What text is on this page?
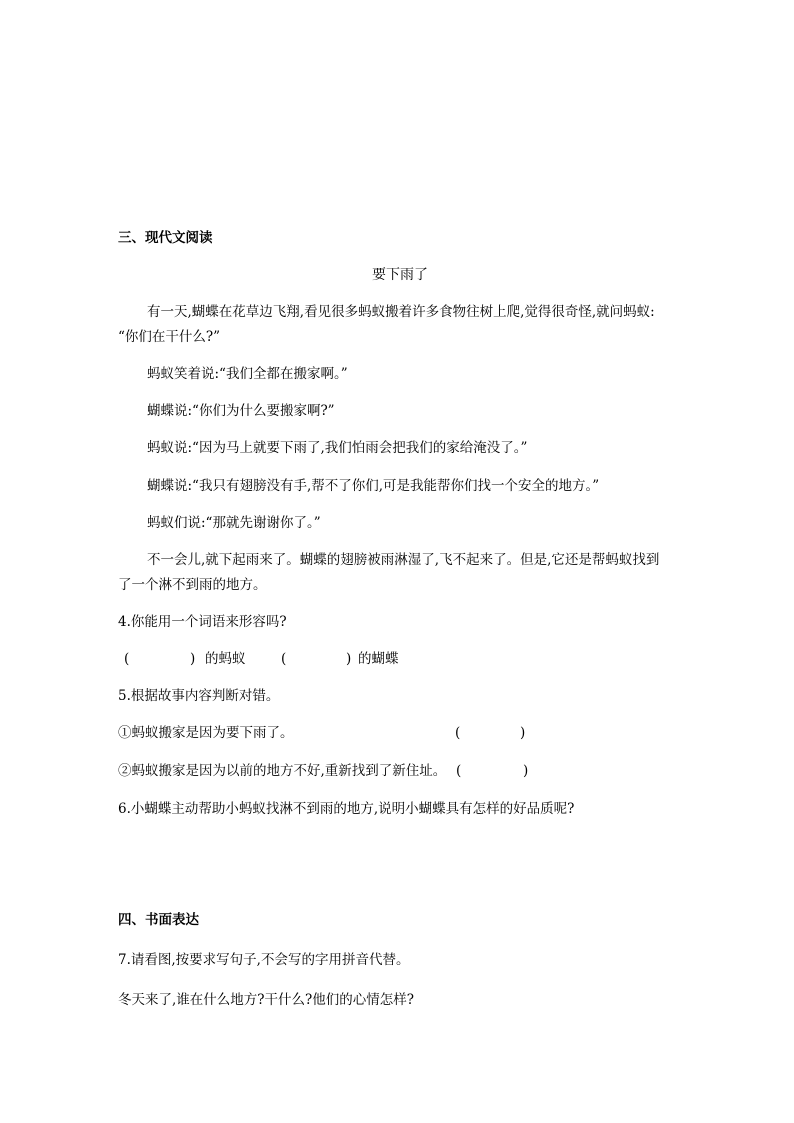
三、现代文阅读
要下雨了
有一天,蝴蝶在花草边飞翔,看见很多蚂蚁搬着许多食物往树上爬,觉得很奇怪,就问蚂蚁:
“你们在干什么?”
蚂蚁笑着说:“我们全都在搬家啊。”
蝴蝶说:“你们为什么要搬家啊?”
蚂蚁说:“因为马上就要下雨了,我们怕雨会把我们的家给淹没了。”
蝴蝶说:“我只有翅膀没有手,帮不了你们,可是我能帮你们找一个安全的地方。”
蚂蚁们说:“那就先谢谢你了。”
不一会儿,就下起雨来了。蝴蝶的翅膀被雨淋湿了,飞不起来了。但是,它还是帮蚂蚁找到
了一个淋不到雨的地方。
4.你能用一个词语来形容吗?
(	) 的蚂蚁	(	) 的蝴蝶
5.根据故事内容判断对错。
①蚂蚁搬家是因为要下雨了。	(	)
②蚂蚁搬家是因为以前的地方不好,重新找到了新住址。 (	)
6.小蝴蝶主动帮助小蚂蚁找淋不到雨的地方,说明小蝴蝶具有怎样的好品质呢?
四、书面表达
7.请看图,按要求写句子,不会写的字用拼音代替。
冬天来了,谁在什么地方?干什么?他们的心情怎样?
